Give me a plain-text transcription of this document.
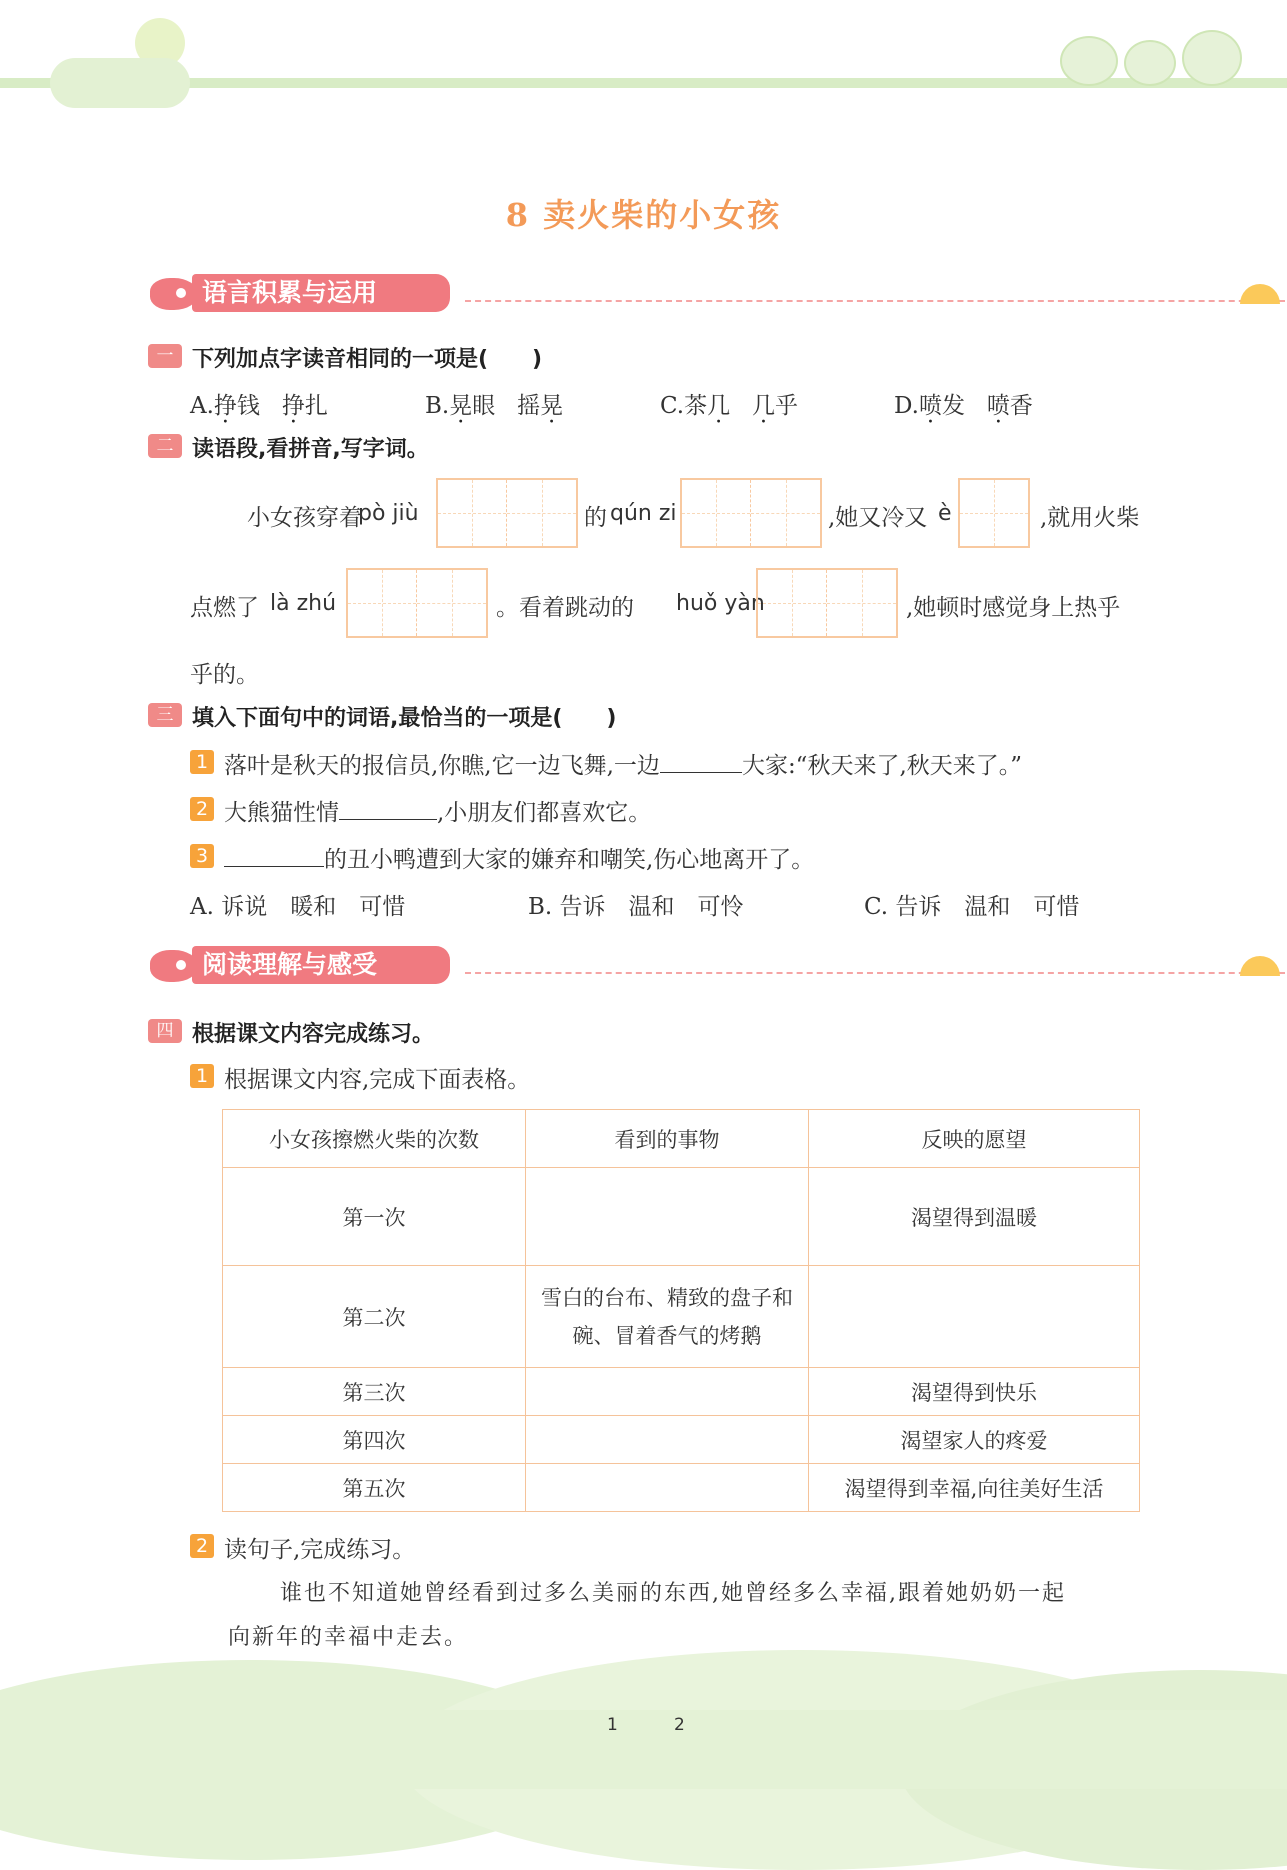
8 卖火柴的小女孩
语言积累与运用
一 下列加点字读音相同的一项是(　　)
A.挣钱 挣扎	B.晃眼 摇晃	C.茶几 几乎	D.喷发 喷香
二 读语段,看拼音,写字词。
小女孩穿着
pò jiù	的 qún zi	,她又冷又 è	,就用火柴
点燃了 là zhú	。看着跳动的 huǒ yàn	,她顿时感觉身上热乎
乎的。
三 填入下面句中的词语,最恰当的一项是(　　)
1 落叶是秋天的报信员,你瞧,它一边飞舞,一边	大家:“秋天来了,秋天来了。”
2 大熊猫性情	,小朋友们都喜欢它。
3	的丑小鸭遭到大家的嫌弃和嘲笑,伤心地离开了。
A. 诉说　暖和　可惜	B. 告诉　温和　可怜	C. 告诉　温和　可惜
阅读理解与感受
四 根据课文内容完成练习。
1 根据课文内容,完成下面表格。
小女孩擦燃火柴的次数	看到的事物	反映的愿望
第一次		渴望得到温暖
第二次	雪白的台布、精致的盘子和
碗、冒着香气的烤鹅	

第三次		渴望得到快乐
第四次		渴望家人的疼爱
第五次		渴望得到幸福,向往美好生活
2 读句子,完成练习。
谁也不知道她曾经看到过多么美丽的东西,她曾经多么幸福,跟着她奶奶一起
向新年的幸福中走去。
1	2
